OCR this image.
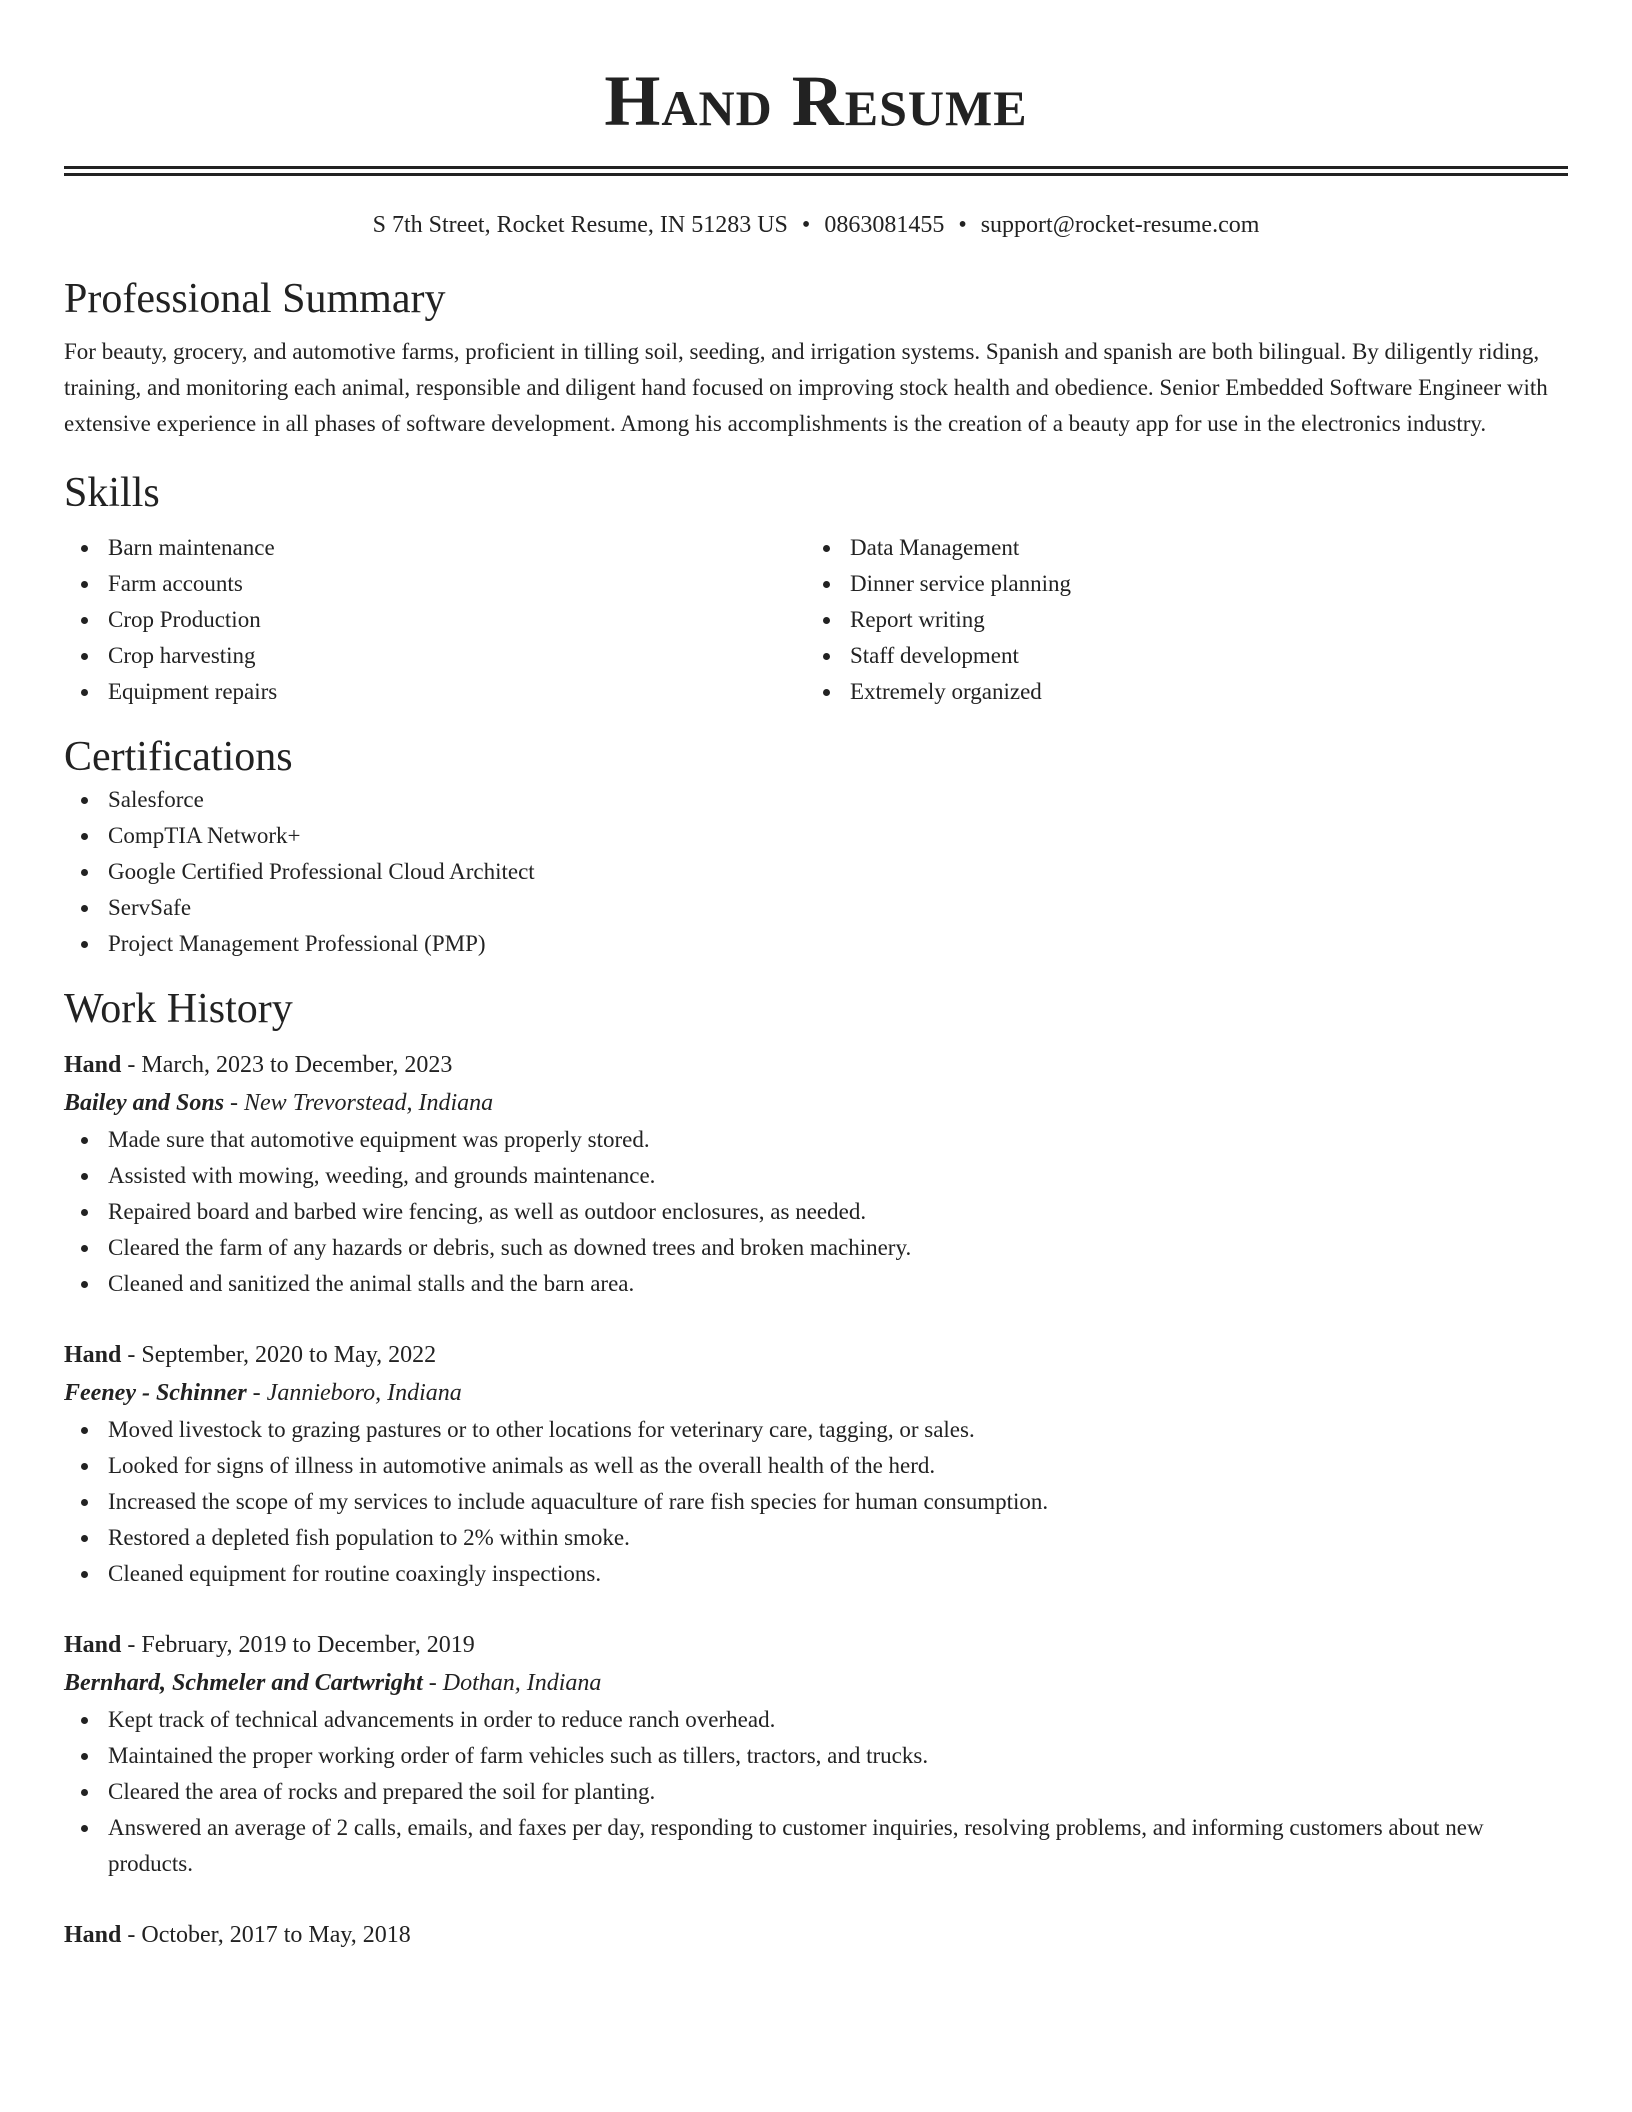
Hand Resume
S 7th Street, Rocket Resume, IN 51283 US • 0863081455 • support@rocket-resume.com
Professional Summary

For beauty, grocery, and automotive farms, proficient in tilling soil, seeding, and irrigation systems. Spanish and spanish are both bilingual. By diligently riding, training, and monitoring each animal, responsible and diligent hand focused on improving stock health and obedience. Senior Embedded Software Engineer with extensive experience in all phases of software development. Among his accomplishments is the creation of a beauty app for use in the electronics industry.

Skills
Barn maintenance
Farm accounts
Crop Production
Crop harvesting
Equipment repairs
Data Management
Dinner service planning
Report writing
Staff development
Extremely organized
Certifications
Salesforce
CompTIA Network+
Google Certified Professional Cloud Architect
ServSafe
Project Management Professional (PMP)
Work History

Hand - March, 2023 to December, 2023

Bailey and Sons - New Trevorstead, Indiana

Made sure that automotive equipment was properly stored.
Assisted with mowing, weeding, and grounds maintenance.
Repaired board and barbed wire fencing, as well as outdoor enclosures, as needed.
Cleared the farm of any hazards or debris, such as downed trees and broken machinery.
Cleaned and sanitized the animal stalls and the barn area.

Hand - September, 2020 to May, 2022

Feeney - Schinner - Jannieboro, Indiana

Moved livestock to grazing pastures or to other locations for veterinary care, tagging, or sales.
Looked for signs of illness in automotive animals as well as the overall health of the herd.
Increased the scope of my services to include aquaculture of rare fish species for human consumption.
Restored a depleted fish population to 2% within smoke.
Cleaned equipment for routine coaxingly inspections.

Hand - February, 2019 to December, 2019

Bernhard, Schmeler and Cartwright - Dothan, Indiana

Kept track of technical advancements in order to reduce ranch overhead.
Maintained the proper working order of farm vehicles such as tillers, tractors, and trucks.
Cleared the area of rocks and prepared the soil for planting.
Answered an average of 2 calls, emails, and faxes per day, responding to customer inquiries, resolving problems, and informing customers about new products.

Hand - October, 2017 to May, 2018
